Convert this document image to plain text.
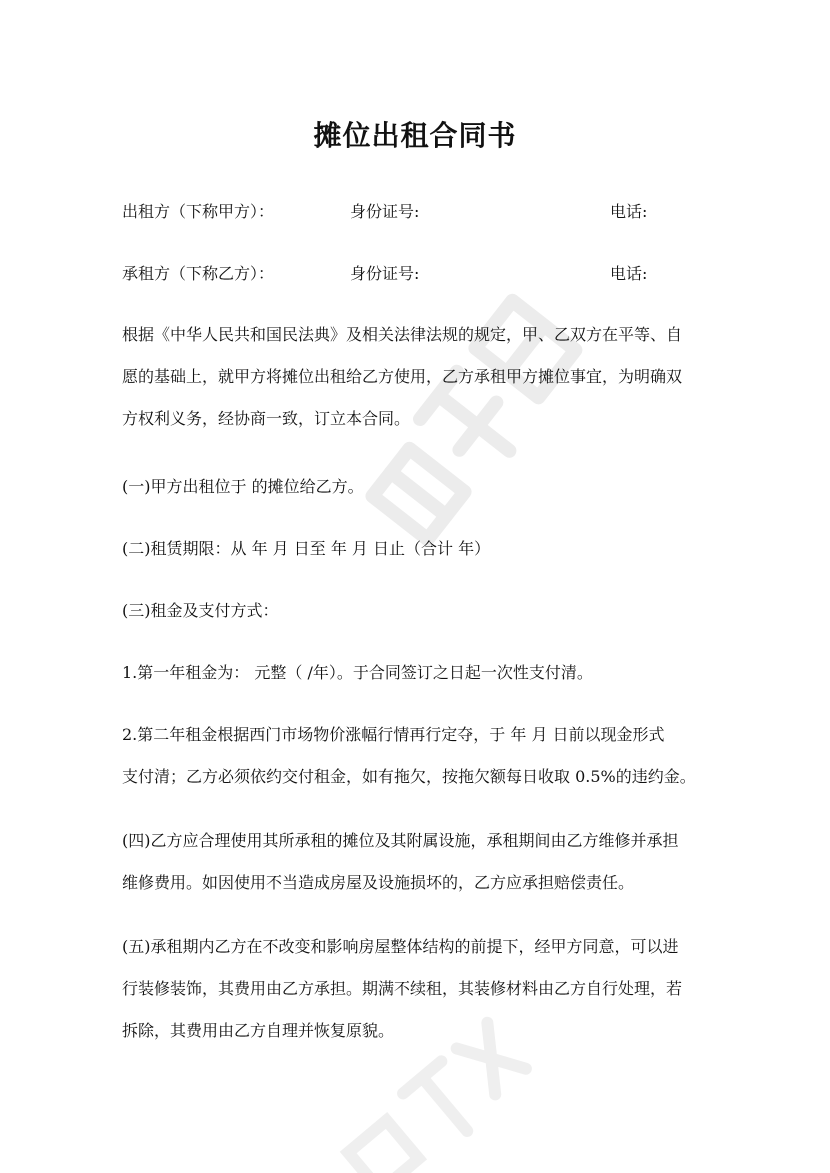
摊位出租合同书
出租方（下称甲方）：	身份证号:	电话:
承租方（下称乙方）：	身份证号:	电话:
根据《中华人民共和国民法典》及相关法律法规的规定，甲、乙双方在平等、自
愿的基础上，就甲方将摊位出租给乙方使用，乙方承租甲方摊位事宜，为明确双
方权利义务，经协商一致，订立本合同。
(一)甲方出租位于 的摊位给乙方。
(二)租赁期限：从 年 月 日至 年 月 日止（合计 年）
(三)租金及支付方式：
1.第一年租金为： 元整（ /年）。于合同签订之日起一次性支付清。
2.第二年租金根据西门市场物价涨幅行情再行定夺，于 年 月 日前以现金形式
支付清；乙方必须依约交付租金，如有拖欠，按拖欠额每日收取 0.5%的违约金。
(四)乙方应合理使用其所承租的摊位及其附属设施，承租期间由乙方维修并承担
维修费用。如因使用不当造成房屋及设施损坏的，乙方应承担赔偿责任。
(五)承租期内乙方在不改变和影响房屋整体结构的前提下，经甲方同意，可以进
行装修装饰，其费用由乙方承担。期满不续租，其装修材料由乙方自行处理，若
拆除，其费用由乙方自理并恢复原貌。
